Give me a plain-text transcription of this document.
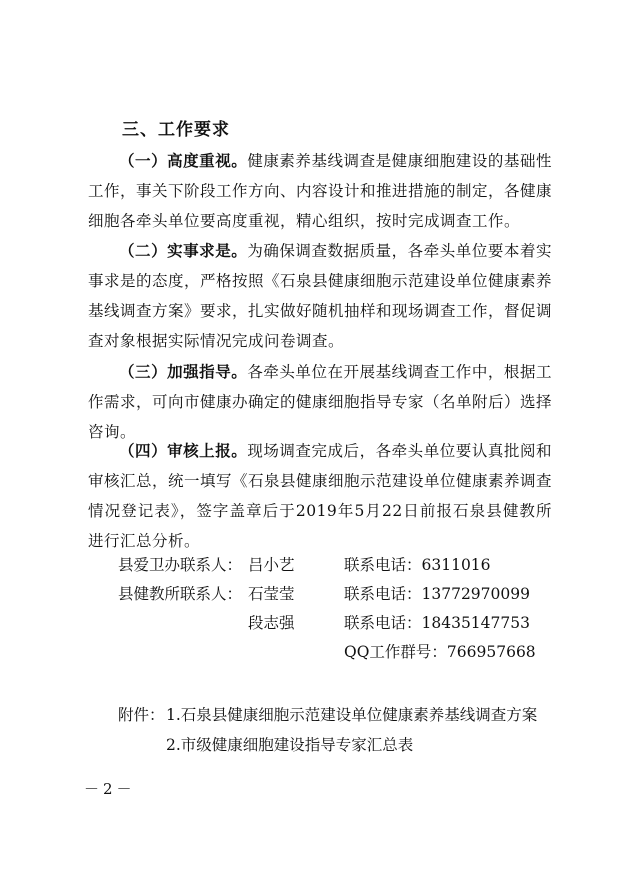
三、工作要求

（一）高度重视。健康素养基线调查是健康细胞建设的基础性工作，事关下阶段工作方向、内容设计和推进措施的制定，各健康细胞各牵头单位要高度重视，精心组织，按时完成调查工作。

（二）实事求是。为确保调查数据质量，各牵头单位要本着实事求是的态度，严格按照《石泉县健康细胞示范建设单位健康素养基线调查方案》要求，扎实做好随机抽样和现场调查工作，督促调查对象根据实际情况完成问卷调查。

（三）加强指导。各牵头单位在开展基线调查工作中，根据工作需求，可向市健康办确定的健康细胞指导专家（名单附后）选择咨询。

（四）审核上报。现场调查完成后，各牵头单位要认真批阅和审核汇总，统一填写《石泉县健康细胞示范建设单位健康素养调查情况登记表》，签字盖章后于2019年5月22日前报石泉县健教所进行汇总分析。

县爱卫办联系人： 吕小艺	联系电话：6311016
县健教所联系人： 石莹莹	联系电话：13772970099
段志强	联系电话：18435147753
QQ工作群号：766957668
附件： 1.石泉县健康细胞示范建设单位健康素养基线调查方案
2.市级健康细胞建设指导专家汇总表
－2－
